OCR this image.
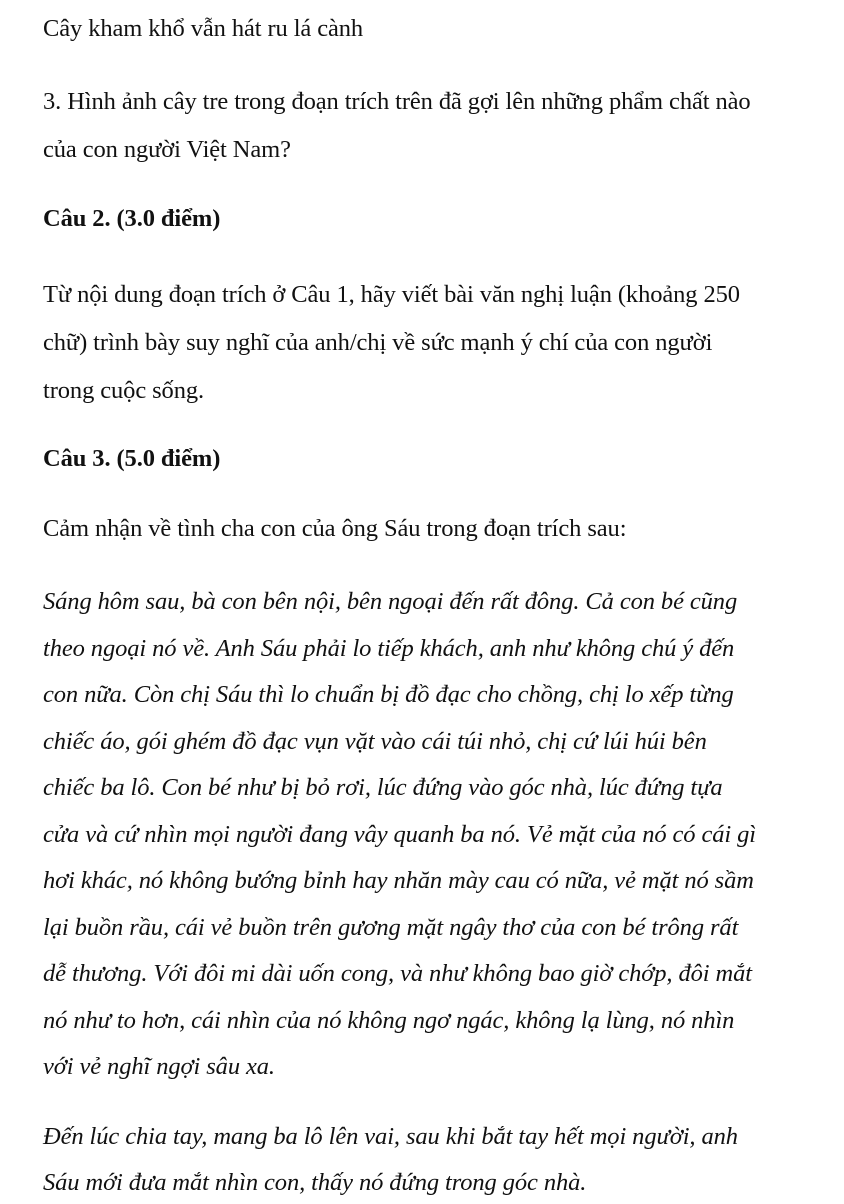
Cây kham khổ vẫn hát ru lá cành
3. Hình ảnh cây tre trong đoạn trích trên đã gợi lên những phẩm chất nào
của con người Việt Nam?
Câu 2. (3.0 điểm)
Từ nội dung đoạn trích ở Câu 1, hãy viết bài văn nghị luận (khoảng 250
chữ) trình bày suy nghĩ của anh/chị về sức mạnh ý chí của con người
trong cuộc sống.
Câu 3. (5.0 điểm)
Cảm nhận về tình cha con của ông Sáu trong đoạn trích sau:
Sáng hôm sau, bà con bên nội, bên ngoại đến rất đông. Cả con bé cũng
theo ngoại nó về. Anh Sáu phải lo tiếp khách, anh như không chú ý đến
con nữa. Còn chị Sáu thì lo chuẩn bị đồ đạc cho chồng, chị lo xếp từng
chiếc áo, gói ghém đồ đạc vụn vặt vào cái túi nhỏ, chị cứ lúi húi bên
chiếc ba lô. Con bé như bị bỏ rơi, lúc đứng vào góc nhà, lúc đứng tựa
cửa và cứ nhìn mọi người đang vây quanh ba nó. Vẻ mặt của nó có cái gì
hơi khác, nó không bướng bỉnh hay nhăn mày cau có nữa, vẻ mặt nó sầm
lại buồn rầu, cái vẻ buồn trên gương mặt ngây thơ của con bé trông rất
dễ thương. Với đôi mi dài uốn cong, và như không bao giờ chớp, đôi mắt
nó như to hơn, cái nhìn của nó không ngơ ngác, không lạ lùng, nó nhìn
với vẻ nghĩ ngợi sâu xa.
Đến lúc chia tay, mang ba lô lên vai, sau khi bắt tay hết mọi người, anh
Sáu mới đưa mắt nhìn con, thấy nó đứng trong góc nhà.
